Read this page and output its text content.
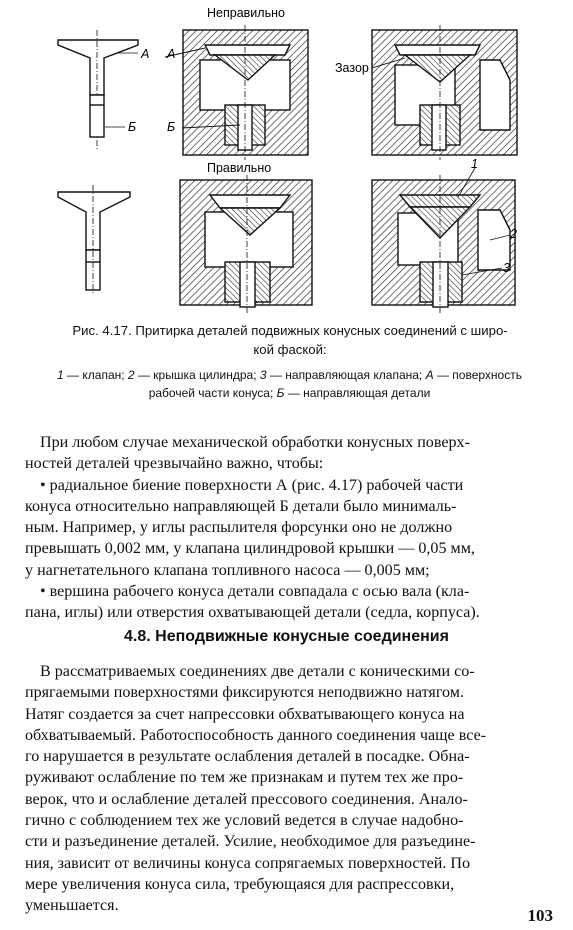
Неправильно
Правильно
А А
Б Б
Зазор
1
2
3
Рис. 4.17. Притирка деталей подвижных конусных соединений с широ-
кой фаской:
1 — клапан; 2 — крышка цилиндра; 3 — направляющая клапана; А — поверхность
рабочей части конуса; Б — направляющая детали

При любом случае механической обработки конусных поверх-

ностей деталей чрезвычайно важно, чтобы:

• радиальное биение поверхности А (рис. 4.17) рабочей части

конуса относительно направляющей Б детали было минималь-

ным. Например, у иглы распылителя форсунки оно не должно

превышать 0,002 мм, у клапана цилиндровой крышки — 0,05 мм,

у нагнетательного клапана топливного насоса — 0,005 мм;

• вершина рабочего конуса детали совпадала с осью вала (кла-

пана, иглы) или отверстия охватывающей детали (седла, корпуса).

4.8. Неподвижные конусные соединения

В рассматриваемых соединениях две детали с коническими со-

прягаемыми поверхностями фиксируются неподвижно натягом.

Натяг создается за счет напрессовки обхватывающего конуса на

обхватываемый. Работоспособность данного соединения чаще все-

го нарушается в результате ослабления деталей в посадке. Обна-

руживают ослабление по тем же признакам и путем тех же про-

верок, что и ослабление деталей прессового соединения. Анало-

гично с соблюдением тех же условий ведется в случае надобно-

сти и разъединение деталей. Усилие, необходимое для разъедине-

ния, зависит от величины конуса сопрягаемых поверхностей. По

мере увеличения конуса сила, требующаяся для распрессовки,

уменьшается.

103
